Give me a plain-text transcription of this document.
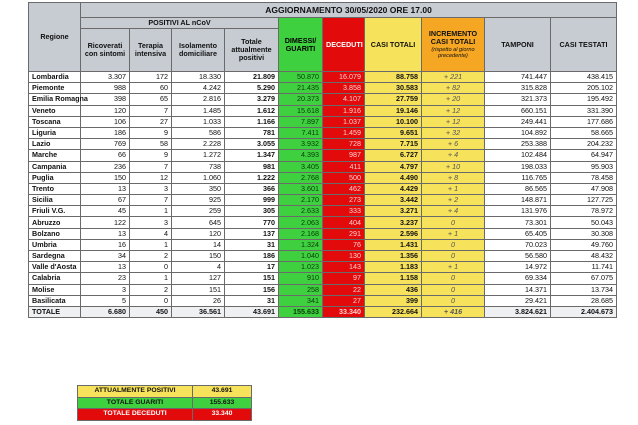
Regione	AGGIORNAMENTO 30/05/2020 ORE 17.00									
	POSITIVI AL nCoV				DIMESSI/ GUARITI	DECEDUTI	CASI TOTALI	INCREMENTO CASI TOTALI
(rispetto al giorno precedente)	TAMPONI	CASI TESTATI
	Ricoverati con sintomi	Terapia intensiva	Isolamento domiciliare	Totale attualmente positivi						
Lombardia	3.307	172	18.330	21.809	50.870	16.079	88.758	+ 221	741.447	438.415
Piemonte	988	60	4.242	5.290	21.435	3.858	30.583	+ 82	315.828	205.102
Emilia Romagna	398	65	2.816	3.279	20.373	4.107	27.759	+ 20	321.373	195.492
Veneto	120	7	1.485	1.612	15.618	1.916	19.146	+ 12	660.151	331.390
Toscana	106	27	1.033	1.166	7.897	1.037	10.100	+ 12	249.441	177.686
Liguria	186	9	586	781	7.411	1.459	9.651	+ 32	104.892	58.665
Lazio	769	58	2.228	3.055	3.932	728	7.715	+ 6	253.388	204.232
Marche	66	9	1.272	1.347	4.393	987	6.727	+ 4	102.484	64.947
Campania	236	7	738	981	3.405	411	4.797	+ 10	198.033	95.903
Puglia	150	12	1.060	1.222	2.768	500	4.490	+ 8	116.765	78.458
Trento	13	3	350	366	3.601	462	4.429	+ 1	86.565	47.908
Sicilia	67	7	925	999	2.170	273	3.442	+ 2	148.871	127.725
Friuli V.G.	45	1	259	305	2.633	333	3.271	+ 4	131.976	78.972
Abruzzo	122	3	645	770	2.063	404	3.237	0	73.301	50.043
Bolzano	13	4	120	137	2.168	291	2.596	+ 1	65.405	30.308
Umbria	16	1	14	31	1.324	76	1.431	0	70.023	49.760
Sardegna	34	2	150	186	1.040	130	1.356	0	56.580	48.432
Valle d'Aosta	13	0	4	17	1.023	143	1.183	+ 1	14.972	11.741
Calabria	23	1	127	151	910	97	1.158	0	69.334	67.075
Molise	3	2	151	156	258	22	436	0	14.371	13.734
Basilicata	5	0	26	31	341	27	399	0	29.421	28.685
TOTALE	6.680	450	36.561	43.691	155.633	33.340	232.664	+ 416	3.824.621	2.404.673
ATTUALMENTE POSITIVI	43.691
TOTALE GUARITI	155.633
TOTALE DECEDUTI	33.340
